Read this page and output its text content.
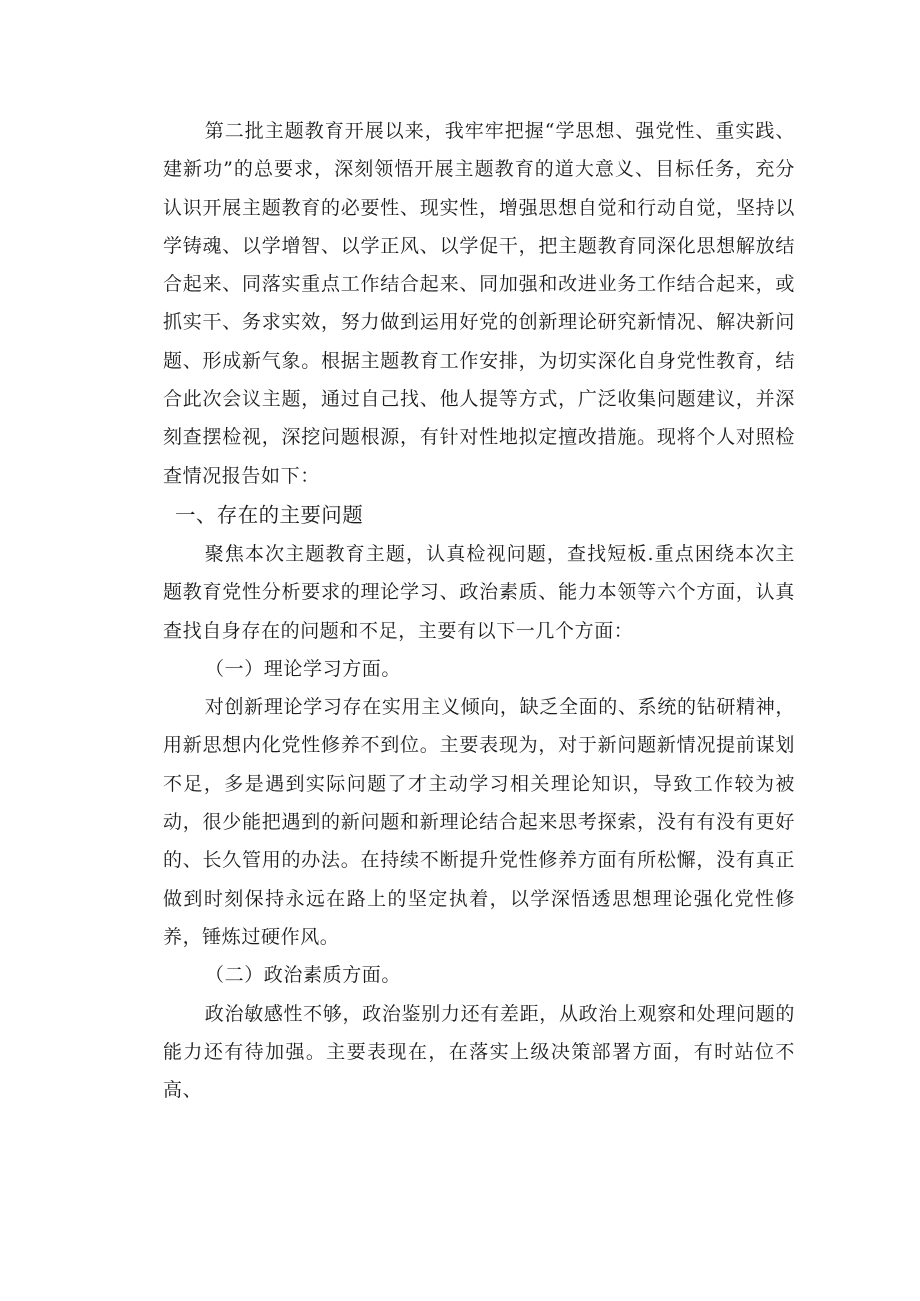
第二批主题教育开展以来，我牢牢把握“学思想、强党性、重实践、建新功”的总要求，深刻领悟开展主题教育的道大意义、目标任务，充分认识开展主题教育的必要性、现实性，增强思想自觉和行动自觉，坚持以学铸魂、以学增智、以学正风、以学促干，把主题教育同深化思想解放结合起来、同落实重点工作结合起来、同加强和改进业务工作结合起来，或抓实干、务求实效，努力做到运用好党的创新理论研究新情况、解决新问题、形成新气象。根据主题教育工作安排，为切实深化自身党性教育，结合此次会议主题，通过自己找、他人提等方式，广泛收集问题建议，并深刻查摆检视，深挖问题根源，有针对性地拟定擅改措施。现将个人对照检查情况报告如下：

一、存在的主要问题

聚焦本次主题教育主题，认真检视问题，查找短板.重点困绕本次主题教育党性分析要求的理论学习、政治素质、能力本领等六个方面，认真查找自身存在的问题和不足，主要有以下一几个方面：

（一）理论学习方面。

对创新理论学习存在实用主义倾向，缺乏全面的、系统的钻研精神，用新思想内化党性修养不到位。主要表现为，对于新问题新情况提前谋划不足，多是遇到实际问题了才主动学习相关理论知识，导致工作较为被动，很少能把遇到的新问题和新理论结合起来思考探索，没有有没有更好的、长久管用的办法。在持续不断提升党性修养方面有所松懈，没有真正做到时刻保持永远在路上的坚定执着，以学深悟透思想理论强化党性修养，锤炼过硬作风。

（二）政治素质方面。

政治敏感性不够，政治鉴别力还有差距，从政治上观察和处理问题的能力还有待加强。主要表现在，在落实上级决策部署方面，有时站位不高、
